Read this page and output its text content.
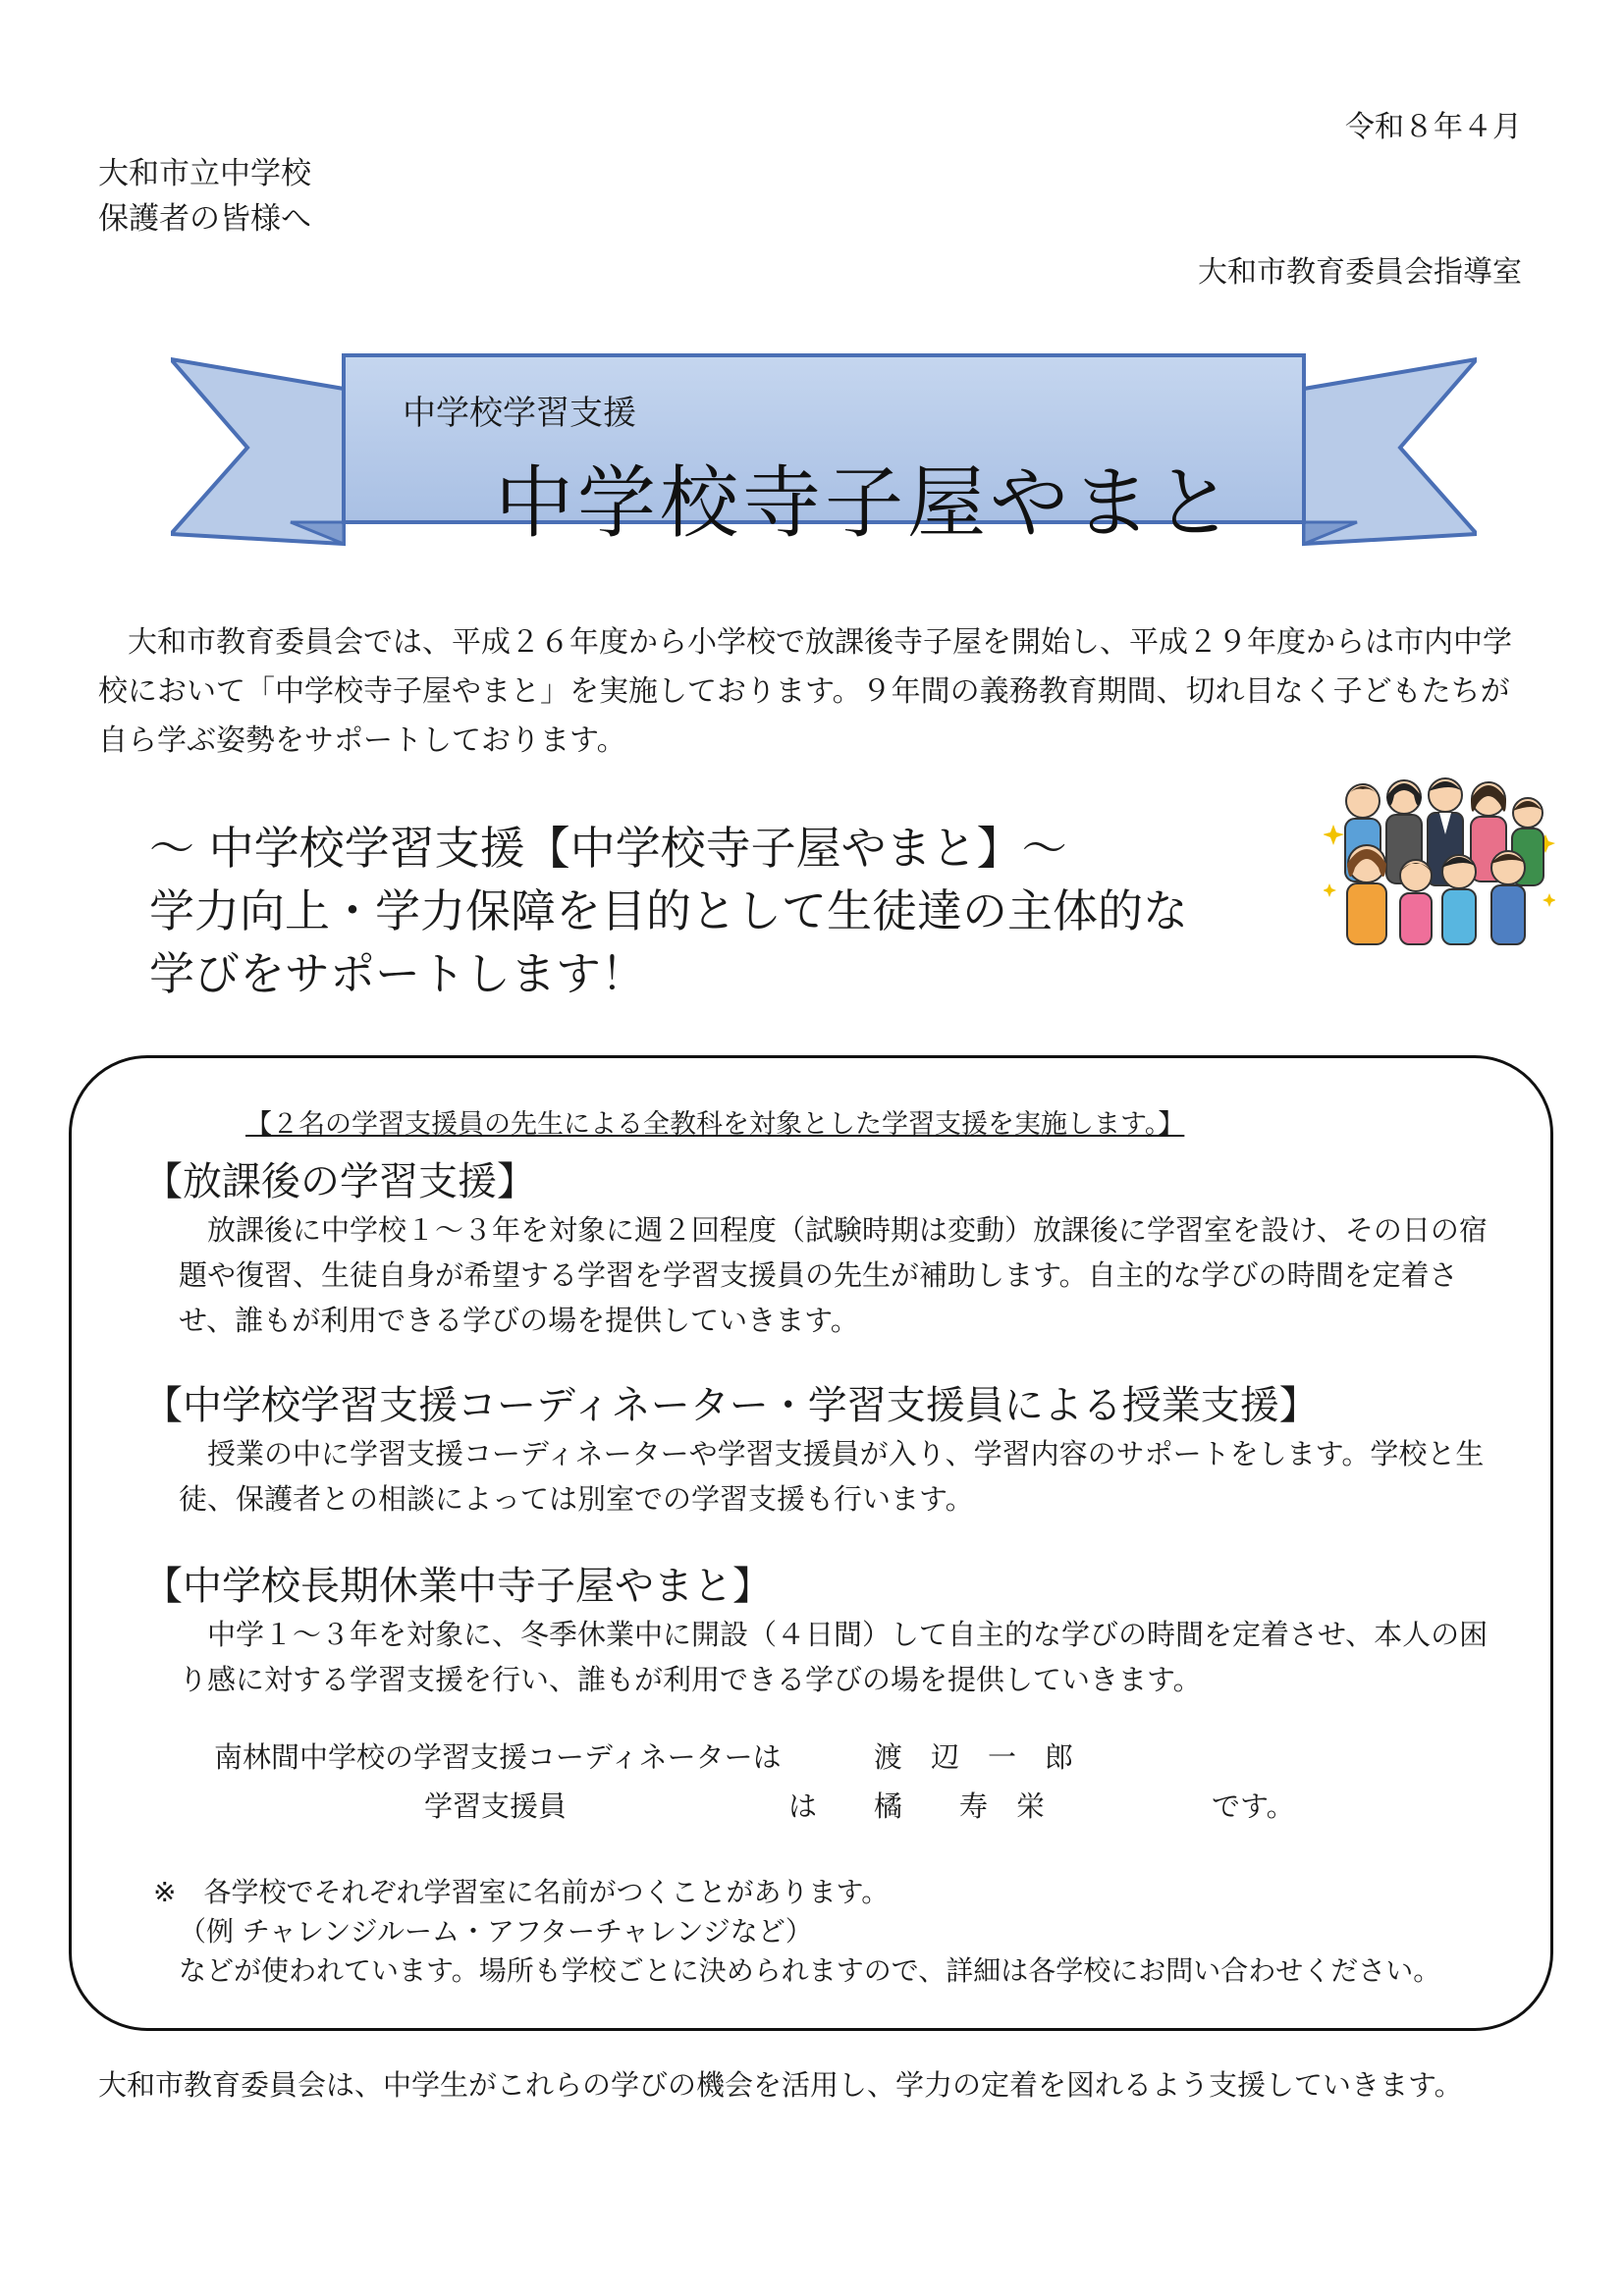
令和８年４月
大和市立中学校
保護者の皆様へ
大和市教育委員会指導室
中学校学習支援
中学校寺子屋やまと
大和市教育委員会では、平成２６年度から小学校で放課後寺子屋を開始し、平成２９年度からは市内中学校において「中学校寺子屋やまと」を実施しております。９年間の義務教育期間、切れ目なく子どもたちが自ら学ぶ姿勢をサポートしております。
～ 中学校学習支援【中学校寺子屋やまと】～
学力向上・学力保障を目的として生徒達の主体的な
学びをサポートします！
【２名の学習支援員の先生による全教科を対象とした学習支援を実施します。】
【放課後の学習支援】
放課後に中学校１～３年を対象に週２回程度（試験時期は変動）放課後に学習室を設け、その日の宿題や復習、生徒自身が希望する学習を学習支援員の先生が補助します。自主的な学びの時間を定着させ、誰もが利用できる学びの場を提供していきます。
【中学校学習支援コーディネーター・学習支援員による授業支援】
授業の中に学習支援コーディネーターや学習支援員が入り、学習内容のサポートをします。学校と生徒、保護者との相談によっては別室での学習支援も行います。
【中学校長期休業中寺子屋やまと】
中学１～３年を対象に、冬季休業中に開設（４日間）して自主的な学びの時間を定着させ、本人の困り感に対する学習支援を行い、誰もが利用できる学びの場を提供していきます。
南林間中学校の学習支援コーディネーターは	渡　辺　一　郎
学習支援員	は 橘　　寿　栄	です。
※　各学校でそれぞれ学習室に名前がつくことがあります。
（例 チャレンジルーム・アフターチャレンジなど）
などが使われています。場所も学校ごとに決められますので、詳細は各学校にお問い合わせください。
大和市教育委員会は、中学生がこれらの学びの機会を活用し、学力の定着を図れるよう支援していきます。
